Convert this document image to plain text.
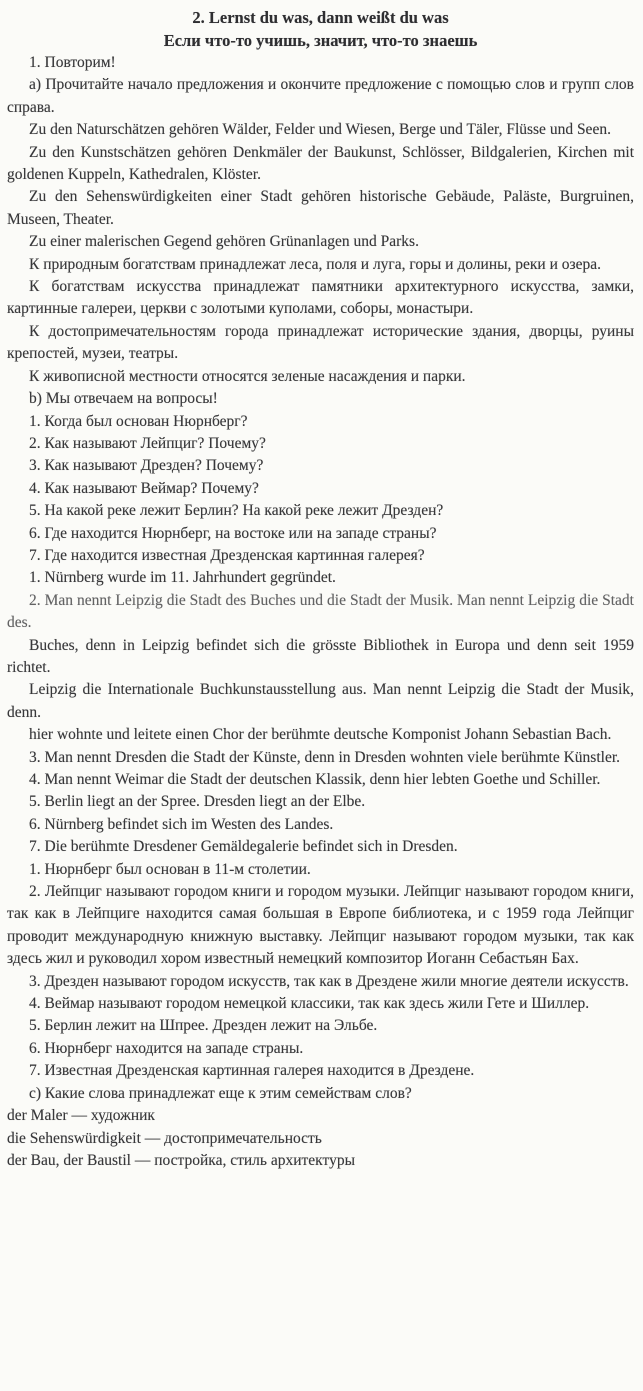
2. Lernst du was, dann weißt du was
Если что-то учишь, значит, что-то знаешь

1. Повторим!

a) Прочитайте начало предложения и окончите предложение с помощью слов и групп слов справа.

Zu den Naturschätzen gehören Wälder, Felder und Wiesen, Berge und Täler, Flüsse und Seen.

Zu den Kunstschätzen gehören Denkmäler der Baukunst, Schlösser, Bildgalerien, Kirchen mit goldenen Kuppeln, Kathedralen, Klöster.

Zu den Sehenswürdigkeiten einer Stadt gehören historische Gebäude, Paläste, Burgruinen, Museen, Theater.

Zu einer malerischen Gegend gehören Grünanlagen und Parks.

К природным богатствам принадлежат леса, поля и луга, горы и долины, реки и озера.

К богатствам искусства принадлежат памятники архитектурного искусства, замки, картинные галереи, церкви с золотыми куполами, соборы, монастыри.

К достопримечательностям города принадлежат исторические здания, дворцы, руины крепостей, музеи, театры.

К живописной местности относятся зеленые насаждения и парки.

b) Мы отвечаем на вопросы!

1. Когда был основан Нюрнберг?

2. Как называют Лейпциг? Почему?

3. Как называют Дрезден? Почему?

4. Как называют Веймар? Почему?

5. На какой реке лежит Берлин? На какой реке лежит Дрезден?

6. Где находится Нюрнберг, на востоке или на западе страны?

7. Где находится известная Дрезденская картинная галерея?

1. Nürnberg wurde im 11. Jahrhundert gegründet.

2. Man nennt Leipzig die Stadt des Buches und die Stadt der Musik. Man nennt Leipzig die Stadt des.

Buches, denn in Leipzig befindet sich die grösste Bibliothek in Europa und denn seit 1959 richtet.

Leipzig die Internationale Buchkunstausstellung aus. Man nennt Leipzig die Stadt der Musik, denn.

hier wohnte und leitete einen Chor der berühmte deutsche Komponist Johann Sebastian Bach.

3. Man nennt Dresden die Stadt der Künste, denn in Dresden wohnten viele berühmte Künstler.

4. Man nennt Weimar die Stadt der deutschen Klassik, denn hier lebten Goethe und Schiller.

5. Berlin liegt an der Spree. Dresden liegt an der Elbe.

6. Nürnberg befindet sich im Westen des Landes.

7. Die berühmte Dresdener Gemäldegalerie befindet sich in Dresden.

1. Нюрнберг был основан в 11-м столетии.

2. Лейпциг называют городом книги и городом музыки. Лейпциг называют городом книги, так как в Лейпциге находится самая большая в Европе библиотека, и с 1959 года Лейпциг проводит международную книжную выставку. Лейпциг называют городом музыки, так как здесь жил и руководил хором известный немецкий композитор Иоганн Себастьян Бах.

3. Дрезден называют городом искусств, так как в Дрездене жили многие деятели искусств.

4. Веймар называют городом немецкой классики, так как здесь жили Гете и Шиллер.

5. Берлин лежит на Шпрее. Дрезден лежит на Эльбе.

6. Нюрнберг находится на западе страны.

7. Известная Дрезденская картинная галерея находится в Дрездене.

c) Какие слова принадлежат еще к этим семействам слов?

der Maler — художник

die Sehenswürdigkeit — достопримечательность

der Bau, der Baustil — постройка, стиль архитектуры
